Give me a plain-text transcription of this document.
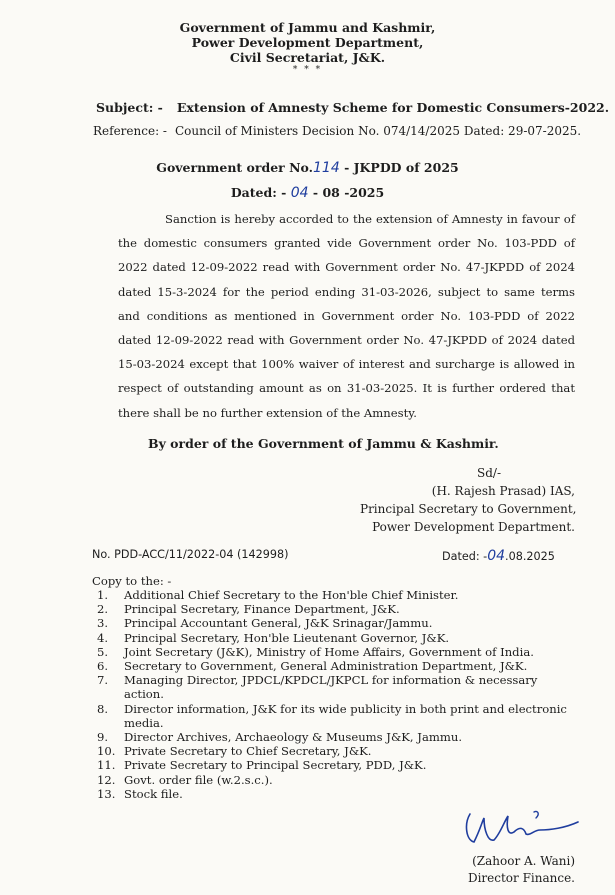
Government of Jammu and Kashmir,
Power Development Department,
Civil Secretariat, J&K.
* * *
Subject: - Extension of Amnesty Scheme for Domestic Consumers-2022.
Reference: - Council of Ministers Decision No. 074/14/2025 Dated: 29-07-2025.
Government order No.114 - JKPDD of 2025
Dated: - 04 - 08 -2025

Sanction is hereby accorded to the extension of Amnesty in favour of the domestic consumers granted vide Government order No. 103-PDD of 2022 dated 12-09-2022 read with Government order No. 47-JKPDD of 2024 dated 15-3-2024 for the period ending 31-03-2026, subject to same terms and conditions as mentioned in Government order No. 103-PDD of 2022 dated 12-09-2022 read with Government order No. 47-JKPDD of 2024 dated 15-03-2024 except that 100% waiver of interest and surcharge is allowed in respect of outstanding amount as on 31-03-2025. It is further ordered that there shall be no further extension of the Amnesty.

By order of the Government of Jammu & Kashmir.
Sd/-
(H. Rajesh Prasad) IAS,
Principal Secretary to Government,
Power Development Department.
No. PDD-ACC/11/2022-04 (142998)	Dated: -04.08.2025
Copy to the: -
1.	Additional Chief Secretary to the Hon'ble Chief Minister.
2.	Principal Secretary, Finance Department, J&K.
3.	Principal Accountant General, J&K Srinagar/Jammu.
4.	Principal Secretary, Hon'ble Lieutenant Governor, J&K.
5.	Joint Secretary (J&K), Ministry of Home Affairs, Government of India.
6.	Secretary to Government, General Administration Department, J&K.
7.	Managing Director, JPDCL/KPDCL/JKPCL for information & necessary action.
8.	Director information, J&K for its wide publicity in both print and electronic media.
9.	Director Archives, Archaeology & Museums J&K, Jammu.
10. Private Secretary to Chief Secretary, J&K.
11. Private Secretary to Principal Secretary, PDD, J&K.
12. Govt. order file (w.2.s.c.).
13. Stock file.
(Zahoor A. Wani)
Director Finance.
